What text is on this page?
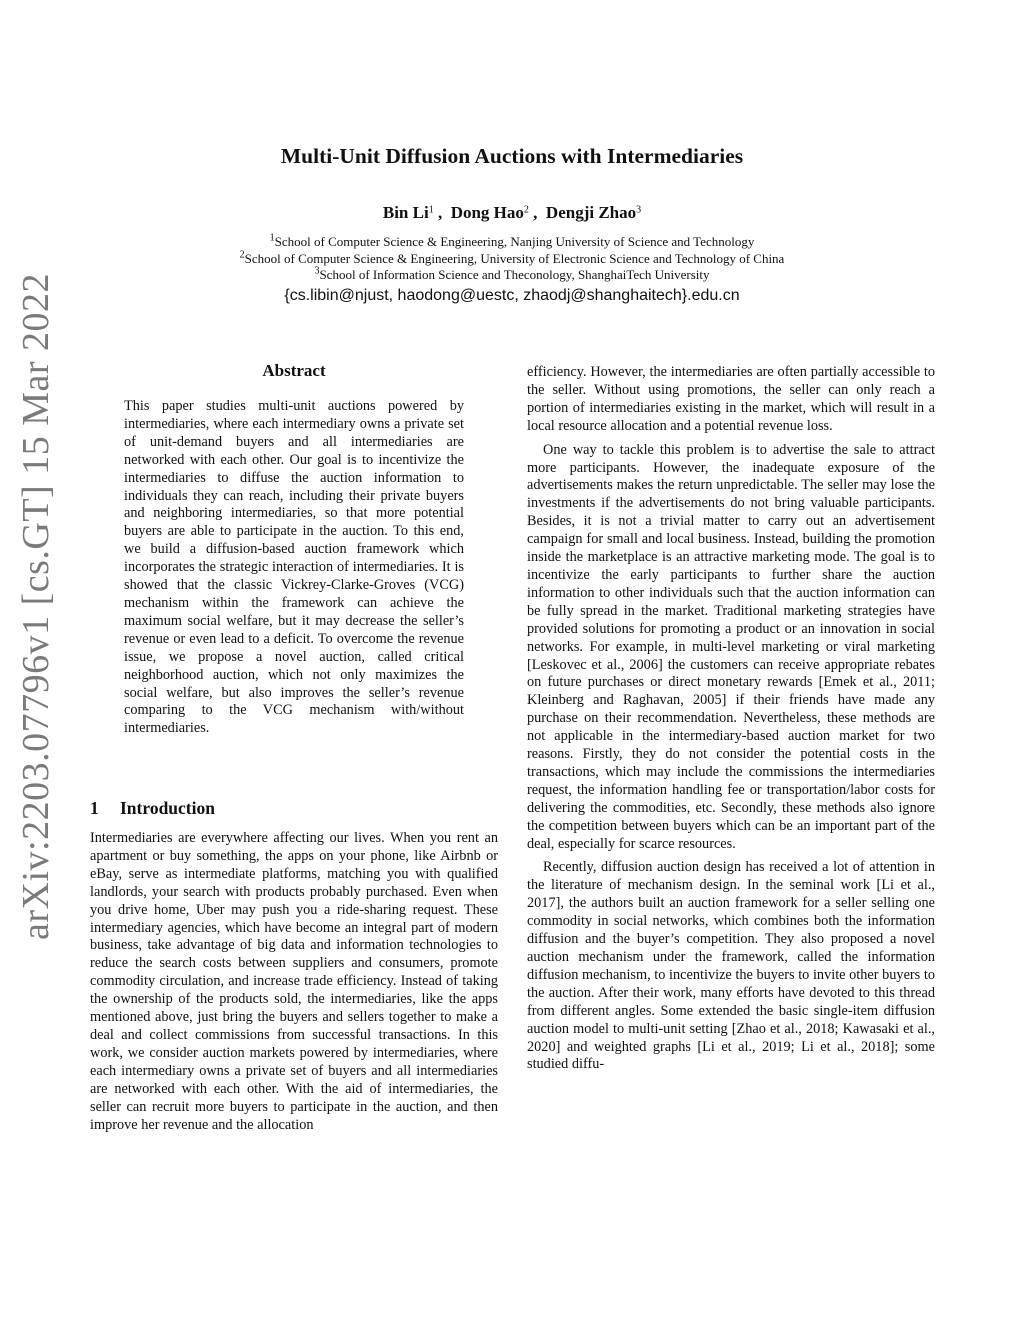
arXiv:2203.07796v1 [cs.GT] 15 Mar 2022
Multi-Unit Diffusion Auctions with Intermediaries
Bin Li$^1$ ,  Dong Hao$^2$ ,  Dengji Zhao$^3$
$^1$School of Computer Science & Engineering, Nanjing University of Science and Technology
$^2$School of Computer Science & Engineering, University of Electronic Science and Technology of China
$^3$School of Information Science and Theconology, ShanghaiTech University
{cs.libin@njust, haodong@uestc, zhaodj@shanghaitech}.edu.cn
Abstract

This paper studies multi-unit auctions powered by intermediaries, where each intermediary owns a private set of unit-demand buyers and all intermediaries are networked with each other. Our goal is to incentivize the intermediaries to diffuse the auction information to individuals they can reach, including their private buyers and neighboring intermediaries, so that more potential buyers are able to participate in the auction. To this end, we build a diffusion-based auction framework which incorporates the strategic interaction of intermediaries. It is showed that the classic Vickrey-Clarke-Groves (VCG) mechanism within the framework can achieve the maximum social welfare, but it may decrease the seller’s revenue or even lead to a deficit. To overcome the revenue issue, we propose a novel auction, called critical neighborhood auction, which not only maximizes the social welfare, but also improves the seller’s revenue comparing to the VCG mechanism with/without intermediaries.

1 Introduction

Intermediaries are everywhere affecting our lives. When you rent an apartment or buy something, the apps on your phone, like Airbnb or eBay, serve as intermediate platforms, matching you with qualified landlords, your search with products probably purchased. Even when you drive home, Uber may push you a ride-sharing request. These intermediary agencies, which have become an integral part of modern business, take advantage of big data and information technologies to reduce the search costs between suppliers and consumers, promote commodity circulation, and increase trade efficiency. Instead of taking the ownership of the products sold, the intermediaries, like the apps mentioned above, just bring the buyers and sellers together to make a deal and collect commissions from successful transactions. In this work, we consider auction markets powered by intermediaries, where each intermediary owns a private set of buyers and all intermediaries are networked with each other. With the aid of intermediaries, the seller can recruit more buyers to participate in the auction, and then improve her revenue and the allocation

efficiency. However, the intermediaries are often partially accessible to the seller. Without using promotions, the seller can only reach a portion of intermediaries existing in the market, which will result in a local resource allocation and a potential revenue loss.

One way to tackle this problem is to advertise the sale to attract more participants. However, the inadequate exposure of the advertisements makes the return unpredictable. The seller may lose the investments if the advertisements do not bring valuable participants. Besides, it is not a trivial matter to carry out an advertisement campaign for small and local business. Instead, building the promotion inside the marketplace is an attractive marketing mode. The goal is to incentivize the early participants to further share the auction information to other individuals such that the auction information can be fully spread in the market. Traditional marketing strategies have provided solutions for promoting a product or an innovation in social networks. For example, in multi-level marketing or viral marketing [Leskovec et al., 2006] the customers can receive appropriate rebates on future purchases or direct monetary rewards [Emek et al., 2011; Kleinberg and Raghavan, 2005] if their friends have made any purchase on their recommendation. Nevertheless, these methods are not applicable in the intermediary-based auction market for two reasons. Firstly, they do not consider the potential costs in the transactions, which may include the commissions the intermediaries request, the information handling fee or transportation/labor costs for delivering the commodities, etc. Secondly, these methods also ignore the competition between buyers which can be an important part of the deal, especially for scarce resources.

Recently, diffusion auction design has received a lot of attention in the literature of mechanism design. In the seminal work [Li et al., 2017], the authors built an auction framework for a seller selling one commodity in social networks, which combines both the information diffusion and the buyer’s competition. They also proposed a novel auction mechanism under the framework, called the information diffusion mechanism, to incentivize the buyers to invite other buyers to the auction. After their work, many efforts have devoted to this thread from different angles. Some extended the basic single-item diffusion auction model to multi-unit setting [Zhao et al., 2018; Kawasaki et al., 2020] and weighted graphs [Li et al., 2019; Li et al., 2018]; some studied diffu-
